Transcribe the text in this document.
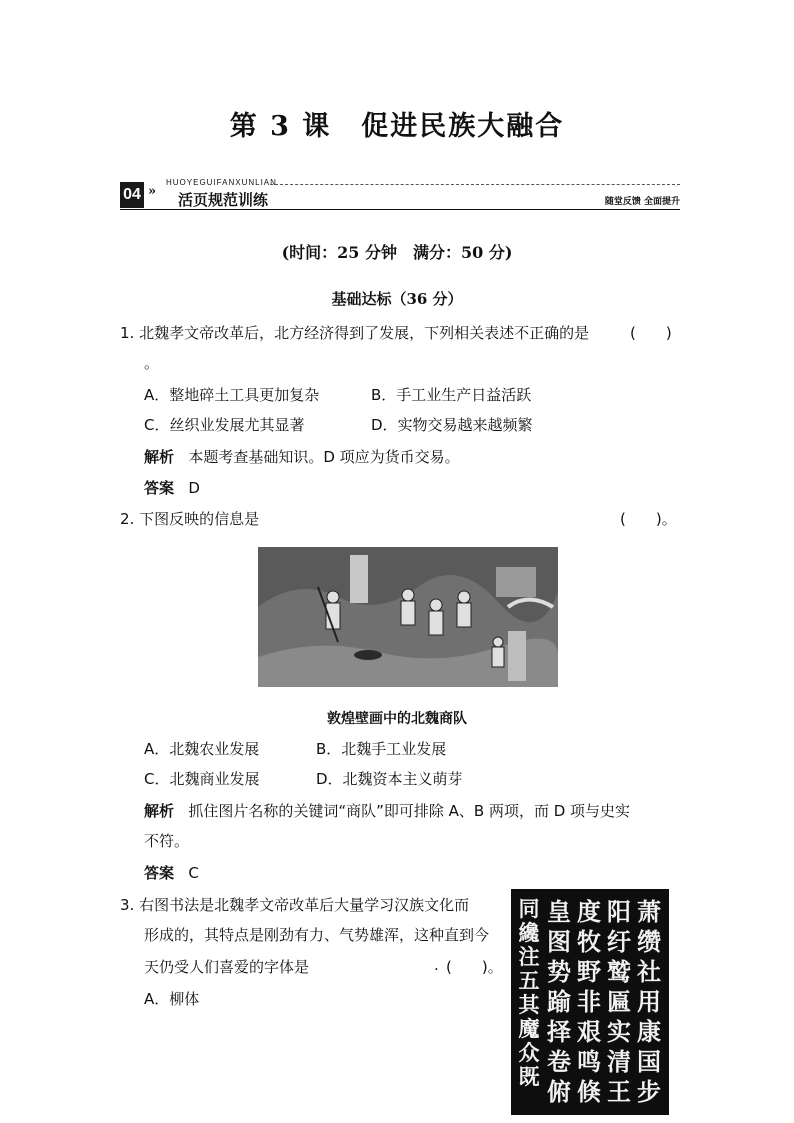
第 3 课 促进民族大融合
04 »
HUOYEGUIFANXUNLIAN
活页规范训练	随堂反馈 全面提升
(时间：25 分钟　满分：50 分)
基础达标（36 分）
1. 北魏孝文帝改革后，北方经济得到了发展，下列相关表述不正确的是	(　　)
。
A．整地碎土工具更加复杂	B．手工业生产日益活跃
C．丝织业发展尤其显著	D．实物交易越来越频繁
解析 本题考查基础知识。D 项应为货币交易。
答案 D
2. 下图反映的信息是	(　　)。
敦煌壁画中的北魏商队
A．北魏农业发展	B．北魏手工业发展
C．北魏商业发展	D．北魏资本主义萌芽
解析 抓住图片名称的关键词“商队”即可排除 A、B 两项，而 D 项与史实
不符。
答案 C
3. 右图书法是北魏孝文帝改革后大量学习汉族文化而
形成的，其特点是刚劲有力、气势雄浑，这种直到今
天仍受人们喜爱的字体是	. (　　)。
A．柳体
萧
缵
社
用
康
国
步
阳
纡
鹫
匾
实
清
王
度
牧
野
非
艰
鸣
倏
皇
图
势
踰
择
卷
俯
同
纔
注
五
其
魔
众
既
